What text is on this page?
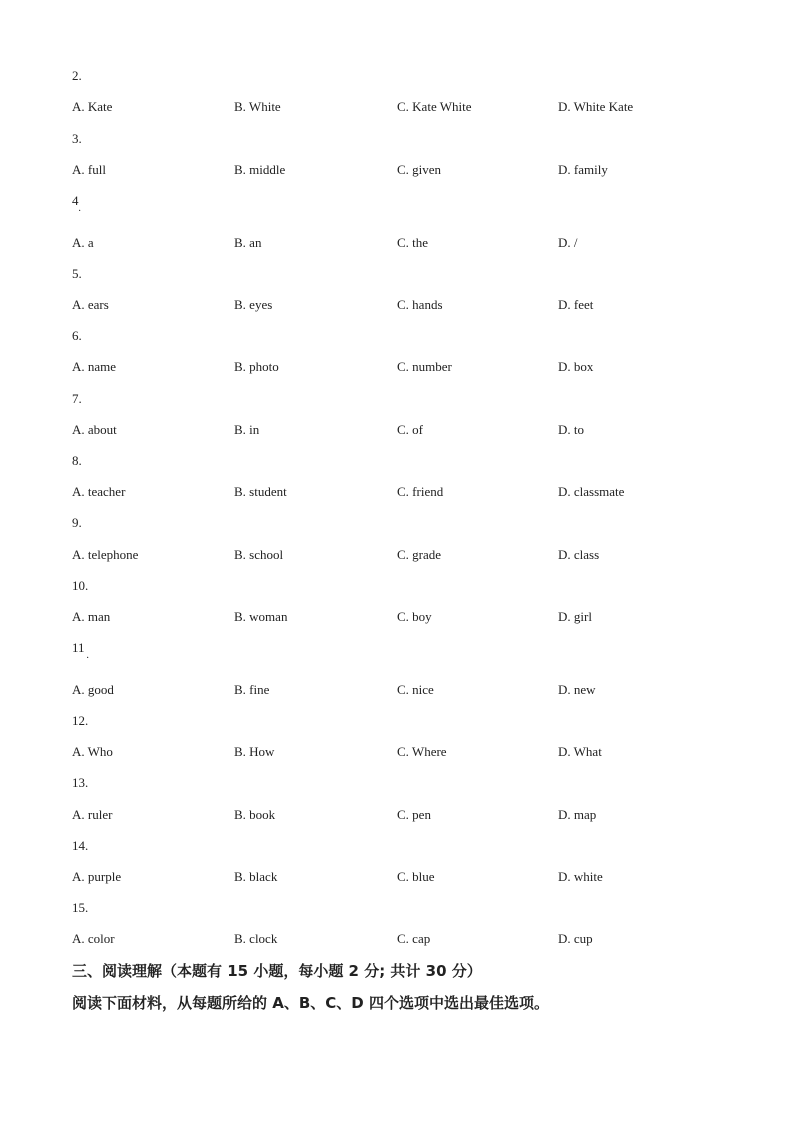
2.
A. Kate	B. White	C. Kate White	D. White Kate
3.
A. full	B. middle	C. given	D. family
4
·
A. a	B. an	C. the	D. /
5.
A. ears	B. eyes	C. hands	D. feet
6.
A. name	B. photo	C. number	D. box
7.
A. about	B. in	C. of	D. to
8.
A. teacher	B. student	C. friend	D. classmate
9.
A. telephone	B. school	C. grade	D. class
10.
A. man	B. woman	C. boy	D. girl
11
·
A. good	B. fine	C. nice	D. new
12.
A. Who	B. How	C. Where	D. What
13.
A. ruler	B. book	C. pen	D. map
14.
A. purple	B. black	C. blue	D. white
15.
A. color	B. clock	C. cap	D. cup
三、阅读理解（本题有 15 小题，每小题 2 分; 共计 30 分）
阅读下面材料，从每题所给的 A、B、C、D 四个选项中选出最佳选项。
